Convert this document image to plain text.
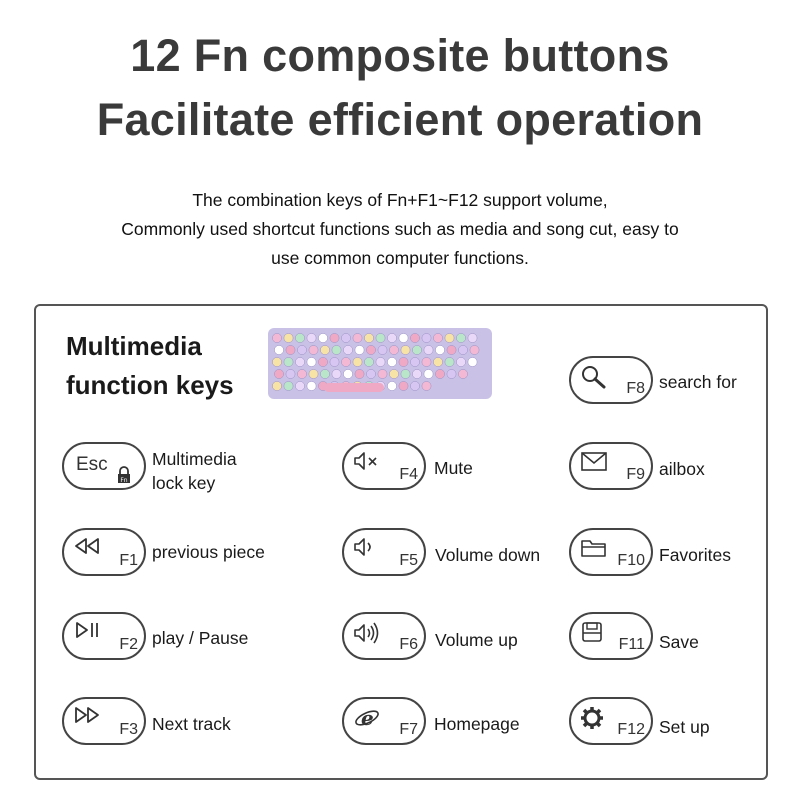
12 Fn composite buttons
Facilitate efficient operation
The combination keys of Fn+F1~F12 support volume,
Commonly used shortcut functions such as media and song cut, easy to
use common computer functions.
Multimedia
function keys
Esc
Fn
Multimedia
lock key
F1 previous piece
F2 play / Pause
F3 Next track
F4 Mute
F5 Volume down
F6 Volume up
e F7 Homepage
F8 search for
F9 ailbox
F10 Favorites
F11 Save
F12 Set up
